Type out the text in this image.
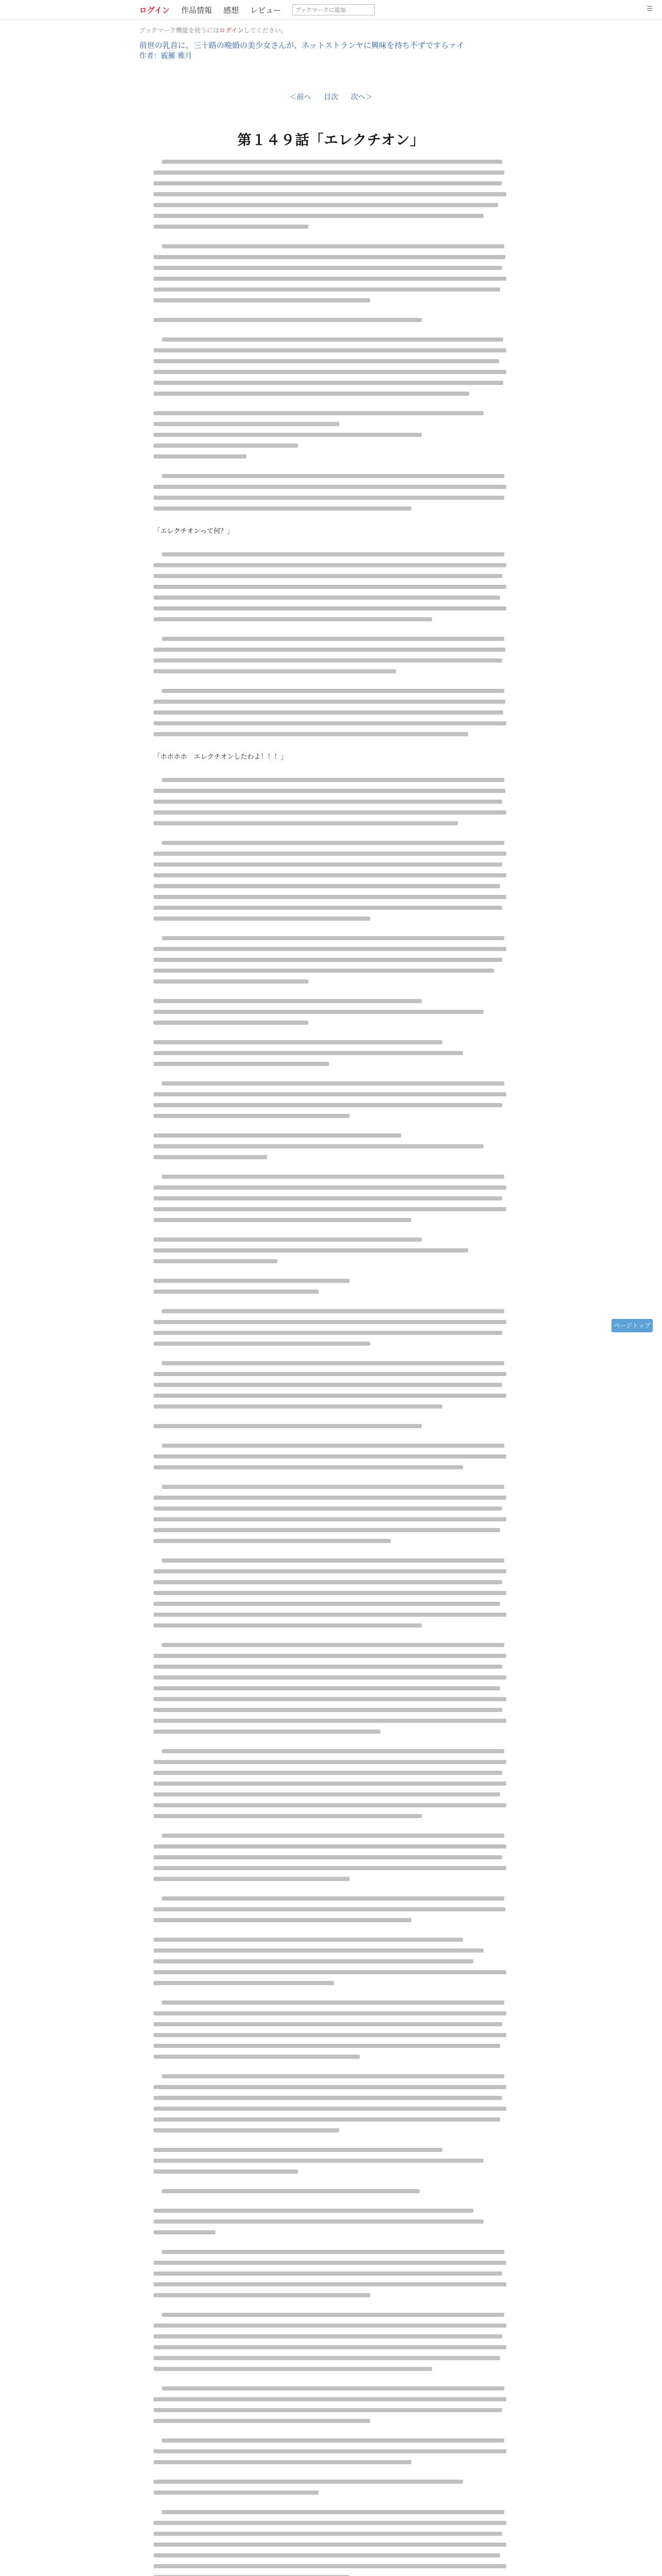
ログイン 作品情報 感想 レビュー
ブックマークに追加	☰
ブックマーク機能を使うにはログインしてください。
前世の乳首に、三十路の晩婚の美少女さんが、ネットストランヤに興味を持ち不ずですらァイ
作者：霰羅 雅月
＜前へ 目次 次へ＞
第１４９話「エレクチオン」
「エレクチオンって何？」
「ホホホホ　エレクチオンしたわよ！！！」
ページトップへ
